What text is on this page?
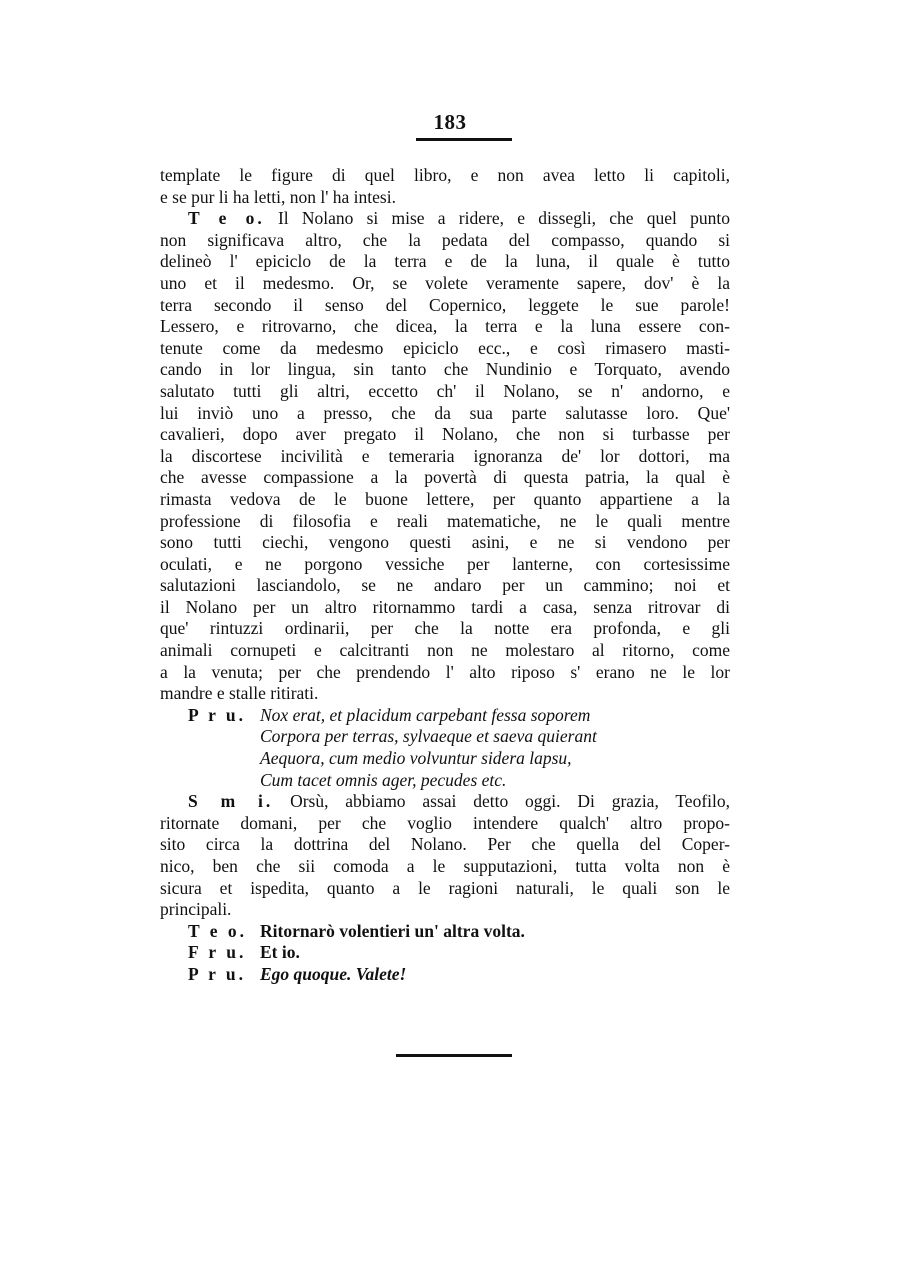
183
template le figure di quel libro, e non avea letto li capitoli,
e se pur li ha letti, non l' ha intesi.
T e o. Il Nolano si mise a ridere, e dissegli, che quel punto
non significava altro, che la pedata del compasso, quando si
delineò l' epiciclo de la terra e de la luna, il quale è tutto
uno et il medesmo. Or, se volete veramente sapere, dov' è la
terra secondo il senso del Copernico, leggete le sue parole!
Lessero, e ritrovarno, che dicea, la terra e la luna essere con-
tenute come da medesmo epiciclo ecc., e così rimasero masti-
cando in lor lingua, sin tanto che Nundinio e Torquato, avendo
salutato tutti gli altri, eccetto ch' il Nolano, se n' andorno, e
lui inviò uno a presso, che da sua parte salutasse loro. Que'
cavalieri, dopo aver pregato il Nolano, che non si turbasse per
la discortese incivilità e temeraria ignoranza de' lor dottori, ma
che avesse compassione a la povertà di questa patria, la qual è
rimasta vedova de le buone lettere, per quanto appartiene a la
professione di filosofia e reali matematiche, ne le quali mentre
sono tutti ciechi, vengono questi asini, e ne si vendono per
oculati, e ne porgono vessiche per lanterne, con cortesissime
salutazioni lasciandolo, se ne andaro per un cammino; noi et
il Nolano per un altro ritornammo tardi a casa, senza ritrovar di
que' rintuzzi ordinarii, per che la notte era profonda, e gli
animali cornupeti e calcitranti non ne molestaro al ritorno, come
a la venuta; per che prendendo l' alto riposo s' erano ne le lor
mandre e stalle ritirati.
P r u. Nox erat, et placidum carpebant fessa soporem
Corpora per terras, sylvaeque et saeva quierant
Aequora, cum medio volvuntur sidera lapsu,
Cum tacet omnis ager, pecudes etc.
S m i. Orsù, abbiamo assai detto oggi. Di grazia, Teofilo,
ritornate domani, per che voglio intendere qualch' altro propo-
sito circa la dottrina del Nolano. Per che quella del Coper-
nico, ben che sii comoda a le supputazioni, tutta volta non è
sicura et ispedita, quanto a le ragioni naturali, le quali son le
principali.
T e o. Ritornarò volentieri un' altra volta.
F r u. Et io.
P r u. Ego quoque. Valete!
